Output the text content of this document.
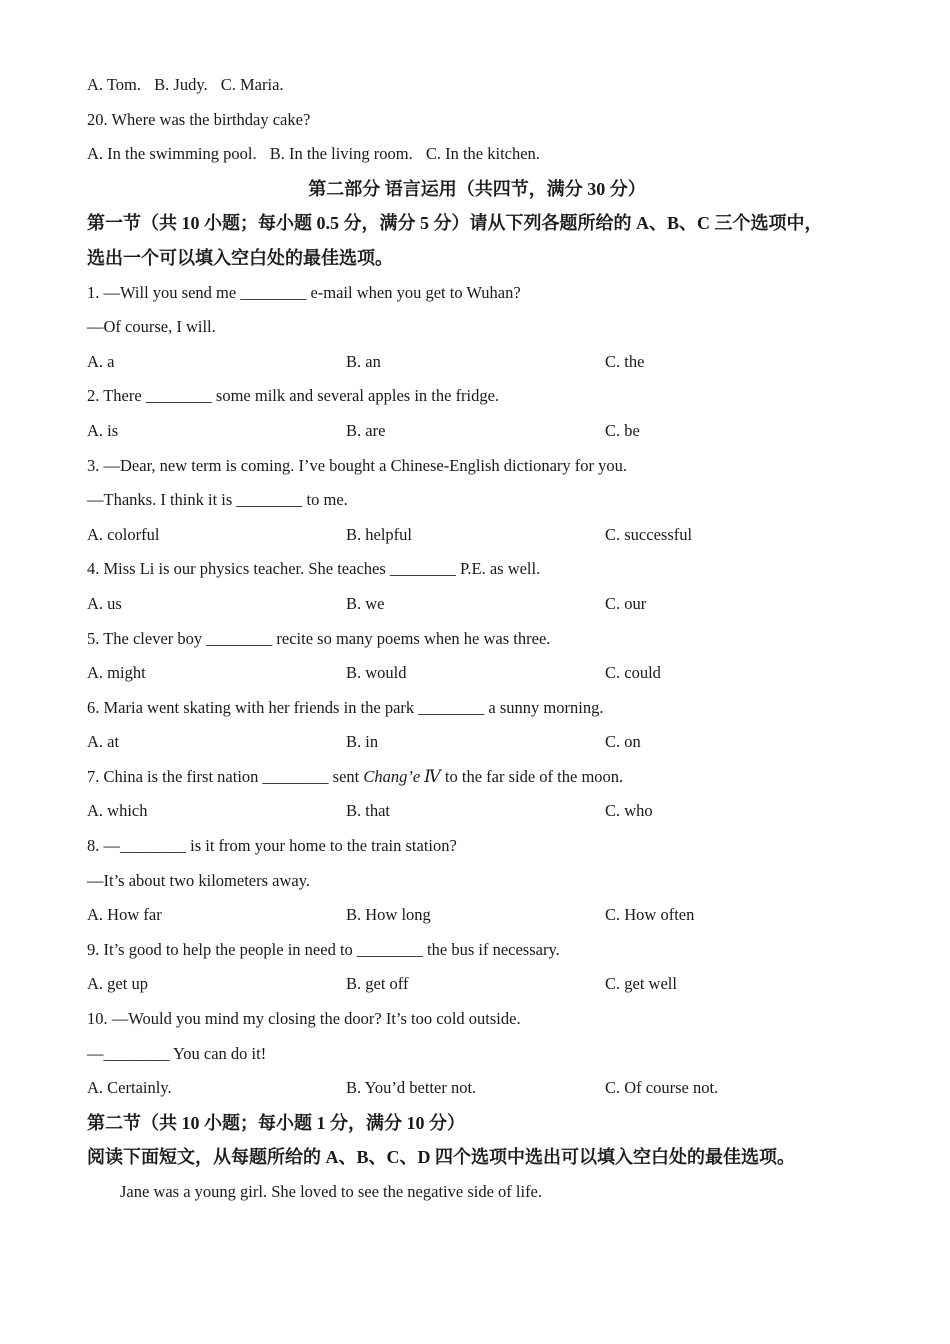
A. Tom. B. Judy. C. Maria.
20. Where was the birthday cake?
A. In the swimming pool. B. In the living room. C. In the kitchen.
第二部分 语言运用（共四节，满分 30 分）
第一节（共 10 小题；每小题 0.5 分，满分 5 分）请从下列各题所给的 A、B、C 三个选项中，
选出一个可以填入空白处的最佳选项。
1. —Will you send me ________ e-mail when you get to Wuhan?
—Of course, I will.
A. a	B. an	C. the
2. There ________ some milk and several apples in the fridge.
A. is	B. are	C. be
3. —Dear, new term is coming. I’ve bought a Chinese-English dictionary for you.
—Thanks. I think it is ________ to me.
A. colorful	B. helpful	C. successful
4. Miss Li is our physics teacher. She teaches ________ P.E. as well.
A. us	B. we	C. our
5. The clever boy ________ recite so many poems when he was three.
A. might	B. would	C. could
6. Maria went skating with her friends in the park ________ a sunny morning.
A. at	B. in	C. on
7. China is the first nation ________ sent Chang’e Ⅳ to the far side of the moon.
A. which	B. that	C. who
8. —________ is it from your home to the train station?
—It’s about two kilometers away.
A. How far	B. How long	C. How often
9. It’s good to help the people in need to ________ the bus if necessary.
A. get up	B. get off	C. get well
10. —Would you mind my closing the door? It’s too cold outside.
—________ You can do it!
A. Certainly.	B. You’d better not.	C. Of course not.
第二节（共 10 小题；每小题 1 分，满分 10 分）
阅读下面短文，从每题所给的 A、B、C、D 四个选项中选出可以填入空白处的最佳选项。
Jane was a young girl. She loved to see the negative side of life.
